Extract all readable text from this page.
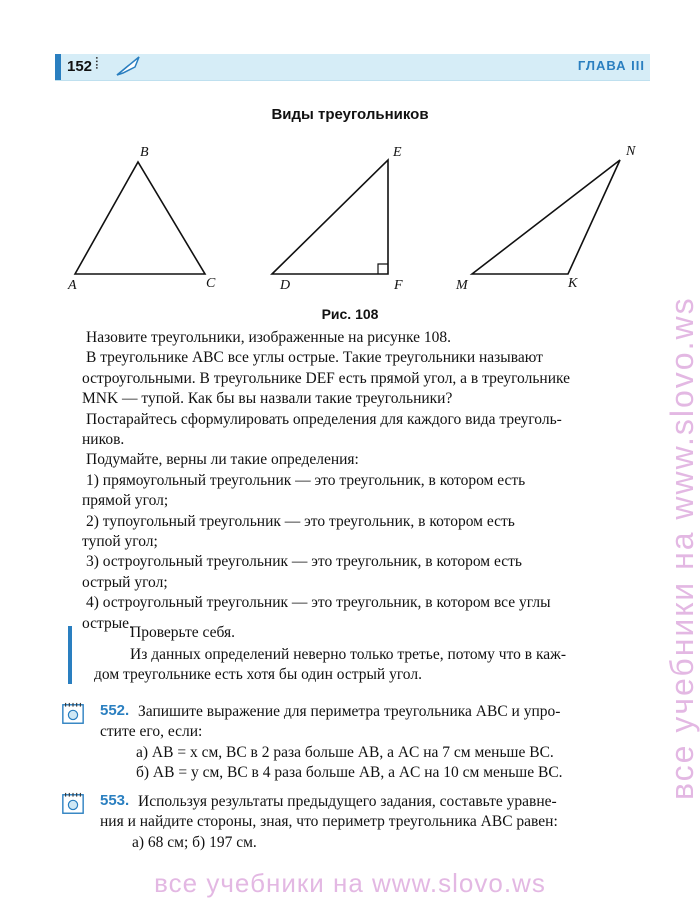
152 ⦙	ГЛАВА III
Виды треугольников
A
B
C	D
E
F	M
N
K
Рис. 108

Назовите треугольники, изображенные на рисунке 108.

В треугольнике ABC все углы острые. Такие треугольники называют

остроугольными. В треугольнике DEF есть прямой угол, а в треугольнике

MNK — тупой. Как бы вы назвали такие треугольники?

Постарайтесь сформулировать определения для каждого вида треуголь-

ников.

Подумайте, верны ли такие определения:

1) прямоугольный треугольник — это треугольник, в котором есть

прямой угол;

2) тупоугольный треугольник — это треугольник, в котором есть

тупой угол;

3) остроугольный треугольник — это треугольник, в котором есть

острый угол;

4) остроугольный треугольник — это треугольник, в котором все углы

острые.

Проверьте себя.
Из данных определений неверно только третье, потому что в каж-
дом треугольнике есть хотя бы один острый угол.
552. Запишите выражение для периметра треугольника ABC и упро-
стите его, если:
а) AB = x см, BC в 2 раза больше AB, а AC на 7 см меньше BC.
б) AB = y см, BC в 4 раза больше AB, а AC на 10 см меньше BC.
553. Используя результаты предыдущего задания, составьте уравне-
ния и найдите стороны, зная, что периметр треугольника ABC равен:
а) 68 см; б) 197 см.
все учебники на www.slovo.ws
все учебники на www.slovo.ws
